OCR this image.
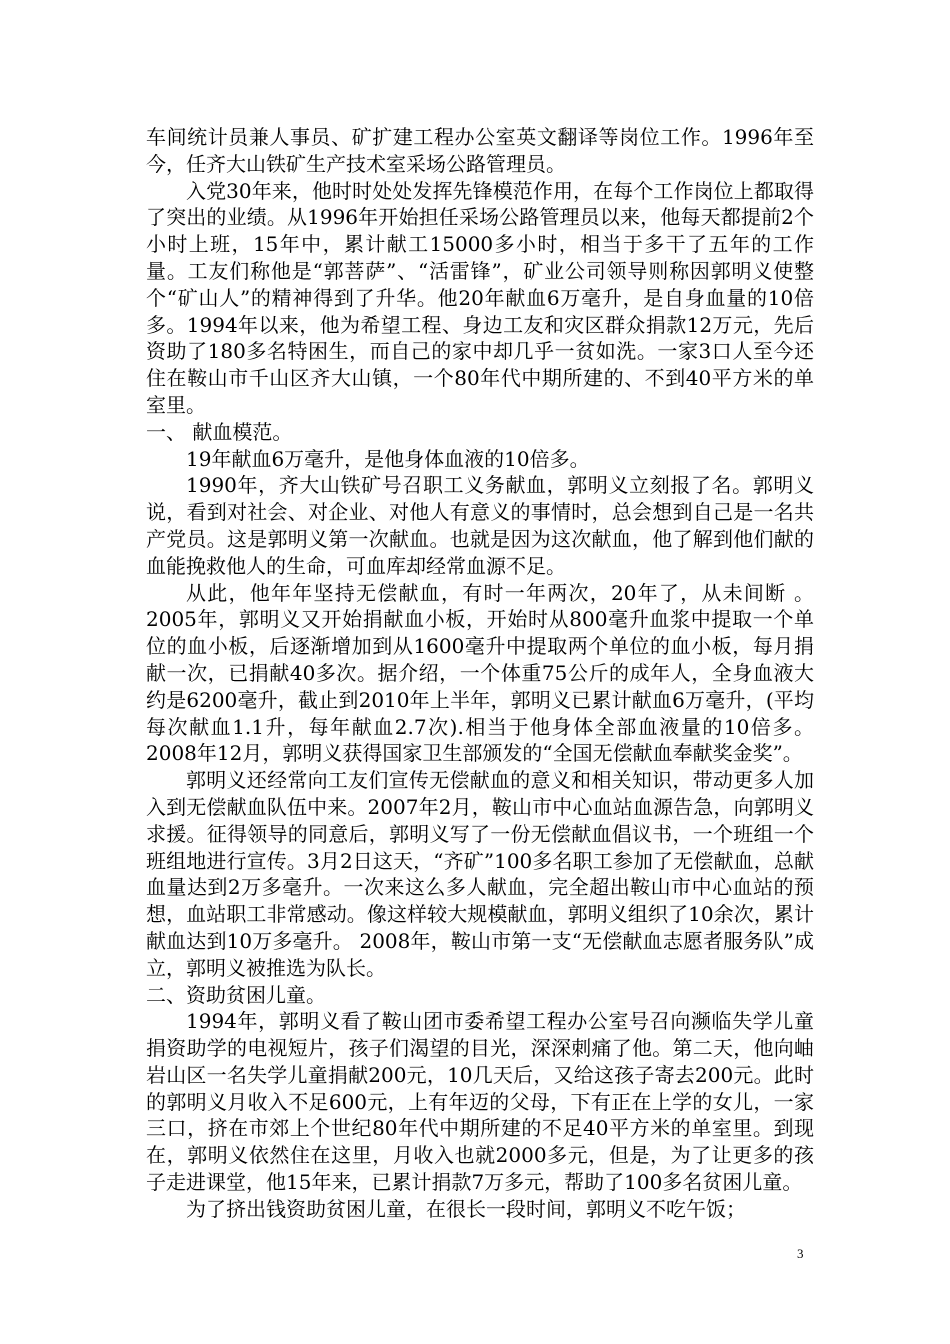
车间统计员兼人事员、矿扩建工程办公室英文翻译等岗位工作。1996年至今，任齐大山铁矿生产技术室采场公路管理员。

入党30年来，他时时处处发挥先锋模范作用，在每个工作岗位上都取得了突出的业绩。从1996年开始担任采场公路管理员以来，他每天都提前2个小时上班，15年中，累计献工15000多小时，相当于多干了五年的工作量。工友们称他是“郭菩萨”、“活雷锋”，矿业公司领导则称因郭明义使整个“矿山人”的精神得到了升华。他20年献血6万毫升，是自身血量的10倍多。1994年以来，他为希望工程、身边工友和灾区群众捐款12万元，先后资助了180多名特困生，而自己的家中却几乎一贫如洗。一家3口人至今还住在鞍山市千山区齐大山镇，一个80年代中期所建的、不到40平方米的单室里。

一、 献血模范。

19年献血6万毫升，是他身体血液的10倍多。

1990年，齐大山铁矿号召职工义务献血，郭明义立刻报了名。郭明义说，看到对社会、对企业、对他人有意义的事情时，总会想到自己是一名共产党员。这是郭明义第一次献血。也就是因为这次献血，他了解到他们献的血能挽救他人的生命，可血库却经常血源不足。

从此，他年年坚持无偿献血，有时一年两次，20年了，从未间断 。2005年，郭明义又开始捐献血小板，开始时从800毫升血浆中提取一个单位的血小板，后逐渐增加到从1600毫升中提取两个单位的血小板，每月捐献一次，已捐献40多次。据介绍，一个体重75公斤的成年人，全身血液大约是6200毫升，截止到2010年上半年，郭明义已累计献血6万毫升，(平均每次献血1.1升，每年献血2.7次).相当于他身体全部血液量的10倍多。2008年12月，郭明义获得国家卫生部颁发的“全国无偿献血奉献奖金奖”。

郭明义还经常向工友们宣传无偿献血的意义和相关知识，带动更多人加入到无偿献血队伍中来。2007年2月，鞍山市中心血站血源告急，向郭明义求援。征得领导的同意后，郭明义写了一份无偿献血倡议书，一个班组一个班组地进行宣传。3月2日这天，“齐矿”100多名职工参加了无偿献血，总献血量达到2万多毫升。一次来这么多人献血，完全超出鞍山市中心血站的预想，血站职工非常感动。像这样较大规模献血，郭明义组织了10余次，累计献血达到10万多毫升。 2008年，鞍山市第一支“无偿献血志愿者服务队”成立，郭明义被推选为队长。

二、资助贫困儿童。

1994年，郭明义看了鞍山团市委希望工程办公室号召向濒临失学儿童捐资助学的电视短片，孩子们渴望的目光，深深刺痛了他。第二天，他向岫岩山区一名失学儿童捐献200元，10几天后，又给这孩子寄去200元。此时的郭明义月收入不足600元，上有年迈的父母，下有正在上学的女儿，一家三口，挤在市郊上个世纪80年代中期所建的不足40平方米的单室里。到现在，郭明义依然住在这里，月收入也就2000多元，但是，为了让更多的孩子走进课堂，他15年来，已累计捐款7万多元，帮助了100多名贫困儿童。

为了挤出钱资助贫困儿童，在很长一段时间，郭明义不吃午饭；

3
